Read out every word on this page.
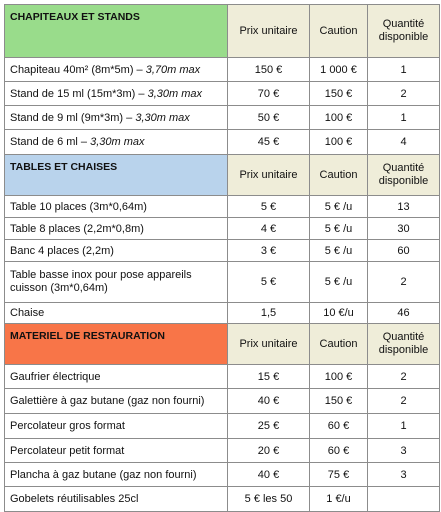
CHAPITEAUX ET STANDS	Prix unitaire	Caution	Quantité disponible
Chapiteau 40m² (8m*5m) – 3,70m max	150 €	1 000 €	1
Stand de 15 ml (15m*3m) – 3,30m max	70 €	150 €	2
Stand de 9 ml (9m*3m) – 3,30m max	50 €	100 €	1
Stand de 6 ml – 3,30m max	45 €	100 €	4
TABLES ET CHAISES	Prix unitaire	Caution	Quantité disponible
Table 10 places (3m*0,64m)	5 €	5 € /u	13
Table 8 places (2,2m*0,8m)	4 €	5 € /u	30
Banc 4 places (2,2m)	3 €	5 € /u	60
Table basse inox pour pose appareils cuisson (3m*0,64m)	5 €	5 € /u	2
Chaise	1,5	10 €/u	46
MATERIEL DE RESTAURATION	Prix unitaire	Caution	Quantité disponible
Gaufrier électrique	15 €	100 €	2
Galettière à gaz butane (gaz non fourni)	40 €	150 €	2
Percolateur gros format	25 €	60 €	1
Percolateur petit format	20 €	60 €	3
Plancha à gaz butane (gaz non fourni)	40 €	75 €	3
Gobelets réutilisables 25cl	5 € les 50	1 €/u	
